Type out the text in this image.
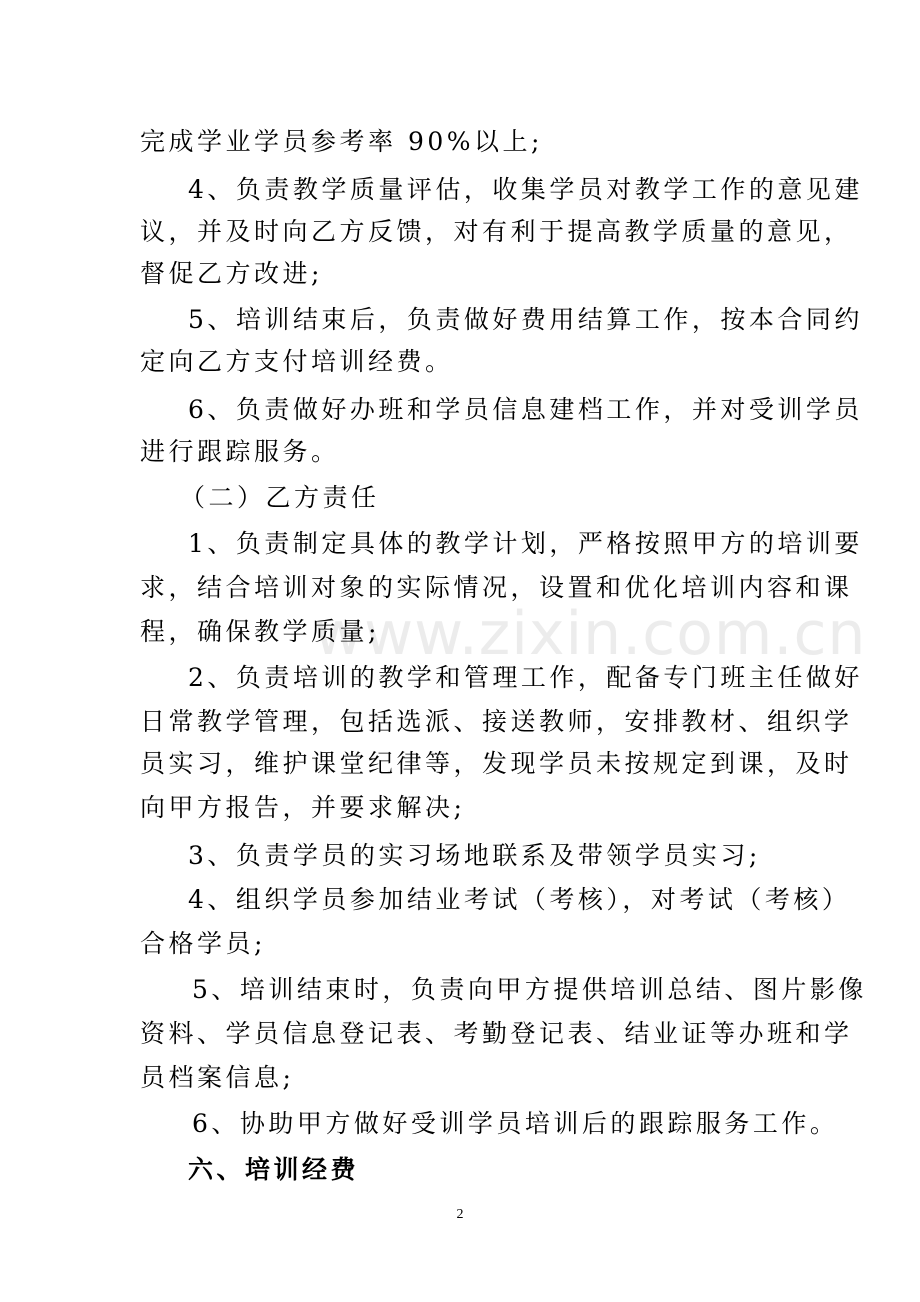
www.zixin.com.cn
完成学业学员参考率 90%以上;
4、负责教学质量评估，收集学员对教学工作的意见建
议，并及时向乙方反馈，对有利于提高教学质量的意见，
督促乙方改进;
5、培训结束后，负责做好费用结算工作，按本合同约
定向乙方支付培训经费。
6、负责做好办班和学员信息建档工作，并对受训学员
进行跟踪服务。
（二）乙方责任
1、负责制定具体的教学计划，严格按照甲方的培训要
求，结合培训对象的实际情况，设置和优化培训内容和课
程，确保教学质量;
2、负责培训的教学和管理工作，配备专门班主任做好
日常教学管理，包括选派、接送教师，安排教材、组织学
员实习，维护课堂纪律等，发现学员未按规定到课，及时
向甲方报告，并要求解决;
3、负责学员的实习场地联系及带领学员实习;
4、组织学员参加结业考试（考核），对考试（考核）
合格学员;
5、培训结束时，负责向甲方提供培训总结、图片影像
资料、学员信息登记表、考勤登记表、结业证等办班和学
员档案信息;
6、协助甲方做好受训学员培训后的跟踪服务工作。
六、培训经费
2
